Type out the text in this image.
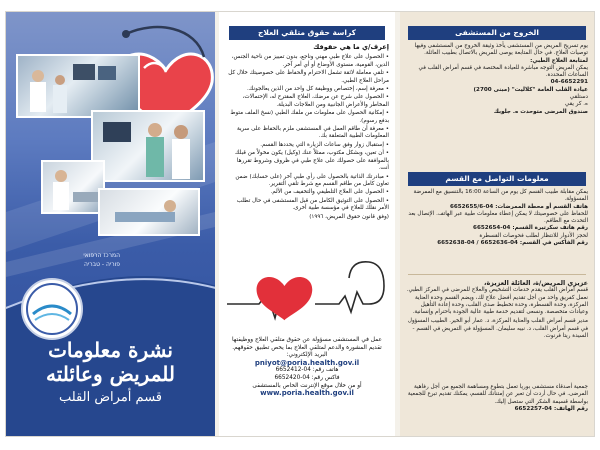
המרכז הרפואי
פוריה - טבריה
نشرة معلومات
للمريض وعائلته
قسم أمراض القلب
كراسة حقوق متلقي العلاج

إعرف/ي ما هي حقوقك

• الحصول على علاج طبي مهني وناجع، بدون تمييز من ناحية الجنس، الدين، القومية، مستوى الأوضاع أو أي أمر آخر.

• تلقي معاملة لائقة تشمل الاحترام والحفاظ على خصوصيتك خلال كل مراحل العلاج الطبي.

• معرفة إسم، إختصاص ووظيفة كل واحد من الذين يعالجونك.

• الحصول على شرح عن مرضك، العلاج المقترح له، الإحتمالات، المخاطر والأعراض الجانبية ومن العلاجات البديلة.

• إمكانية الحصول على معلومات من ملفك الطبي (نسخ الملف متوط بدفع رسوم).

• معرفة أن طاقم العمل في المستشفى ملزم بالحفاظ على سرية المعلومات الطبية المتعلقة بك.

• إستقبال زوار وفق ساعات الزيارة التي يحددها القسم.

• أن تعين، وبشكل مكتوب، ممثلاً عنك (وكيل) يكون مخولاً من قبلك بالموافقة على حصولك على علاج طبي في ظروف وشروط تقررها أنت.

• مبادرتك الذاتية بالحصول على رأي طبي آخر (على حسابك) ضمن تعاون كامل من طاقم القسم مع شرط تلقي التقرير.

• الحصول على العلاج التلطيفي والتخفيف من الألم.

• الحصول على التوثيق الكامل من قبل المستشفى في حال تطلب الأمر نقلك للعلاج في مؤسسة طبية أخرى.

(وفق قانون حقوق المريض، ١٩٩٦)

عمل في المستشفى مسؤولة عن حقوق متلقي العلاج ووظيفتها تقديم المشورة والدعم لمتلقي العلاج بما يخص تطبيق حقوقهم.
البريد الإلكتروني:
pniyot@poria.health.gov.il
هاتف رقم: 04-6652412
فاكس رقم: 04-6652420
أو من خلال موقع الإنترنت الخاص بالمستشفى
www.poria.health.gov.il
الخروج من المستشفى

يوم تسريح المريض من المستشفى يأخذ وثيقة الخروج من المستشفى وفيها توصيات العلاج. في حال المتابعة يوصى للمريض بالاتصال بطبيب العائلة.

لمتابعة العلاج الطبي:

يمكن المريض التوجه مباشرة للعيادة المختصة في قسم أمراض القلب في الساعات المحددة.

04-6652291

عيادة القلب العامة "كلاليت" (مبنى 2700)

دستلقي

ه. كر يقي

صندوق المرضى متوحدت ه. جلوبك

معلومات التواصل مع القسم

يمكن مقابلة طبيب القسم كل يوم من الساعة 16:00 بالتنسيق مع الممرضة المسؤولة.

هاتف القسم أو محطة الممرضات: 04-6652655/6

للحفاظ على خصوصيتك لا يمكن إعطاء معلومات طبية عبر الهاتف. الإتصال بعد التحدث مع الطاقم.

رقم هاتف سكرتيرة القسم: 04-6652654

لحجز الأدوار للانتظار لطلب فحوصات القسطرة

رقم الفاكس في القسم: 04-6652636 / 04-6652638

عزيزي المريض/ة، العائلة العزيزة،

قسم أمراض القلب يقدم خدمات التشخيص والعلاج للمرضى في المركز الطبي. نعمل كفريق واحد من أجل تقديم أفضل علاج لك، ويضم القسم وحدة العناية المركزة، وحدة القسطرة، وحدة تخطيط صدى القلب، وحدة إعادة التأهيل وعيادات متخصصة. ونسعى لتقديم خدمة طبية عالية الجودة باحترام وإنسانية.

مدير قسم أمراض القلب والعناية المركزة، د. عمار أبو الخير. الطبيب المسؤول في قسم أمراض القلب، د. نبيه سليمان. المسؤولة في التمريض في القسم - السيدة ريتا فرنوت.

جمعية أصدقاء مستشفى بوريا تعمل بتطوع ومساهمة الجميع من أجل رفاهية المرضى. في حال أردت أن تعبر عن إمتنانك للقسم، يمكنك تقديم تبرع للجمعية بواسطة قسيمة الشكر التي ستصل إليك.

رقم الهاتف: 04-6652257
